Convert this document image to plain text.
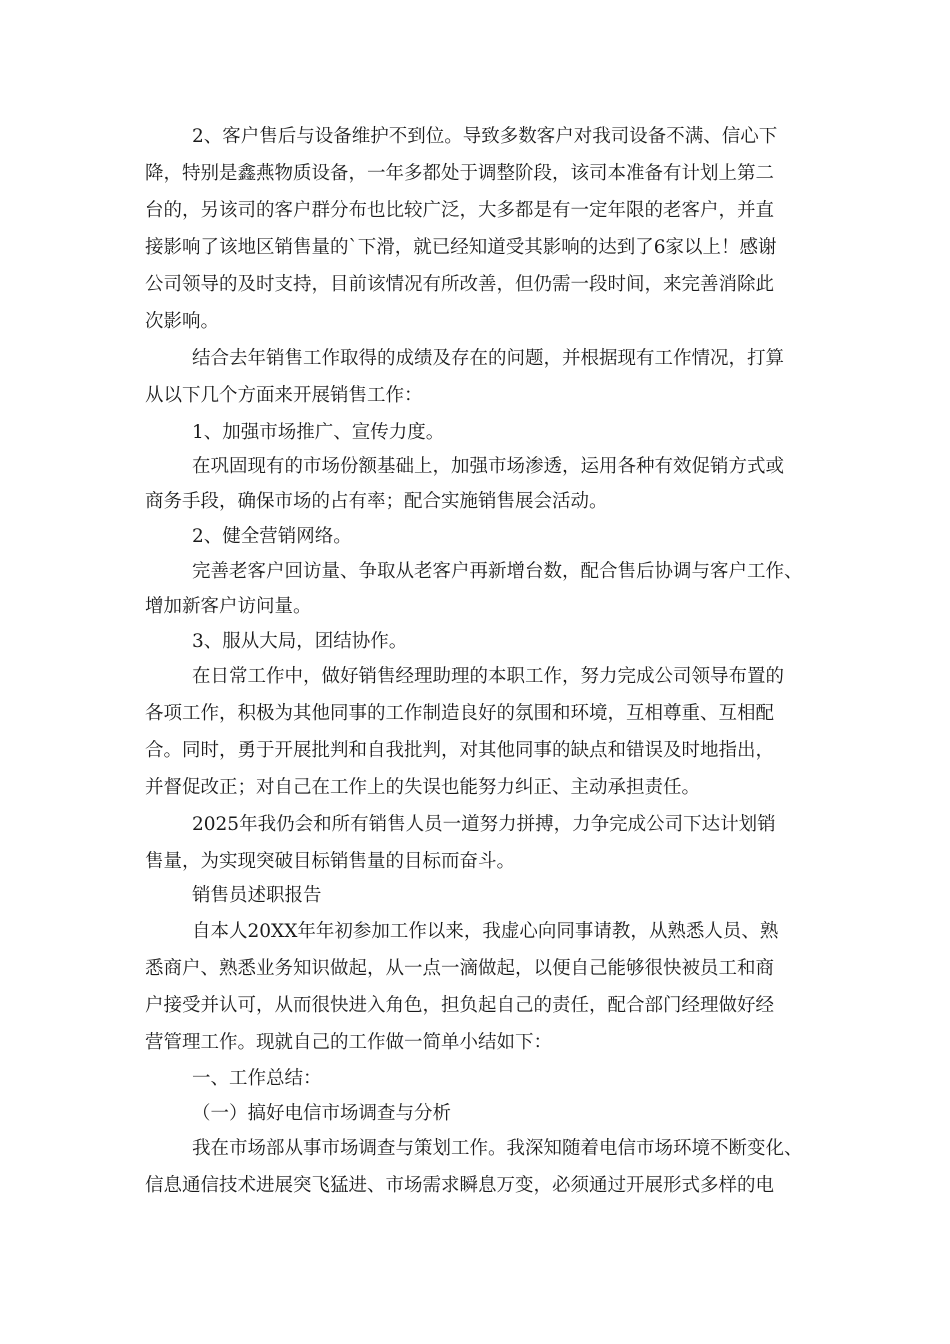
2、客户售后与设备维护不到位。导致多数客户对我司设备不满、信心下
降，特别是鑫燕物质设备，一年多都处于调整阶段，该司本准备有计划上第二
台的，另该司的客户群分布也比较广泛，大多都是有一定年限的老客户，并直
接影响了该地区销售量的`下滑，就已经知道受其影响的达到了6家以上！感谢
公司领导的及时支持，目前该情况有所改善，但仍需一段时间，来完善消除此
次影响。
结合去年销售工作取得的成绩及存在的问题，并根据现有工作情况，打算
从以下几个方面来开展销售工作：
1、加强市场推广、宣传力度。
在巩固现有的市场份额基础上，加强市场渗透，运用各种有效促销方式或
商务手段，确保市场的占有率；配合实施销售展会活动。
2、健全营销网络。
完善老客户回访量、争取从老客户再新增台数，配合售后协调与客户工作、
增加新客户访问量。
3、服从大局，团结协作。
在日常工作中，做好销售经理助理的本职工作，努力完成公司领导布置的
各项工作，积极为其他同事的工作制造良好的氛围和环境，互相尊重、互相配
合。同时，勇于开展批判和自我批判，对其他同事的缺点和错误及时地指出，
并督促改正；对自己在工作上的失误也能努力纠正、主动承担责任。
2025年我仍会和所有销售人员一道努力拼搏，力争完成公司下达计划销
售量，为实现突破目标销售量的目标而奋斗。
销售员述职报告
自本人20XX年年初参加工作以来，我虚心向同事请教，从熟悉人员、熟
悉商户、熟悉业务知识做起，从一点一滴做起，以便自己能够很快被员工和商
户接受并认可，从而很快进入角色，担负起自己的责任，配合部门经理做好经
营管理工作。现就自己的工作做一简单小结如下：
一、工作总结：
（一）搞好电信市场调查与分析
我在市场部从事市场调查与策划工作。我深知随着电信市场环境不断变化、
信息通信技术进展突飞猛进、市场需求瞬息万变，必须通过开展形式多样的电
